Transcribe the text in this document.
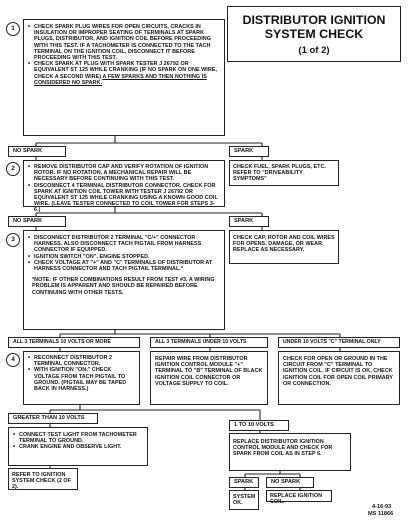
DISTRIBUTOR IGNITION
SYSTEM CHECK
(1 of 2)
1	• CHECK SPARK PLUG WIRES FOR OPEN CIRCUITS, CRACKS IN INSULATION OR IMPROPER SEATING OF TERMINALS AT SPARK PLUGS, DISTRIBUTOR, AND IGNITION COIL BEFORE PROCEEDING WITH THIS TEST. IF A TACHOMETER IS CONNECTED TO THE TACH TERMINAL ON THE IGNITION COIL, DISCONNECT IT BEFORE PROCEEDING WITH THIS TEST.
• CHECK SPARK AT PLUG WITH SPARK TESTER J 26792 OR EQUIVALENT ST 125 WHILE CRANKING (IF NO SPARK ON ONE WIRE, CHECK A SECOND WIRE) A FEW SPARKS AND THEN NOTHING IS CONSIDERED NO SPARK.
NO SPARK	SPARK
CHECK FUEL, SPARK PLUGS, ETC. REFER TO "DRIVEABILITY SYMPTOMS"
2	• REMOVE DISTRIBUTOR CAP AND VERIFY ROTATION OF IGNITION ROTOR. IF NO ROTATION, A MECHANICAL REPAIR WILL BE NECESSARY BEFORE CONTINUING WITH THIS TEST.
• DISCONNECT 4 TERMINAL DISTRIBUTOR CONNECTOR. CHECK FOR SPARK AT IGNITION COIL TOWER WITH TESTER J 26792 OR EQUIVALENT ST 125 WHILE CRANKING USING A KNOWN GOOD COIL WIRE. (LEAVE TESTER CONNECTED TO COIL TOWER FOR STEPS 3-6.)
NO SPARK	SPARK
CHECK CAP, ROTOR AND COIL WIRES FOR OPENS, DAMAGE, OR WEAR. REPLACE AS NECESSARY.
3	• DISCONNECT DISTRIBUTOR 2 TERMINAL "C/+" CONNECTOR HARNESS. ALSO DISCONNECT TACH PIGTAIL FROM HARNESS CONNECTOR IF EQUIPPED.
• IGNITION SWITCH "ON", ENGINE STOPPED.
• CHECK VOLTAGE AT "+" AND "C" TERMINALS OF DISTRIBUTOR AT HARNESS CONNECTOR AND TACH PIGTAIL TERMINAL.*
*NOTE: IF OTHER COMBINATIONS RESULT FROM TEST #3, A WIRING PROBLEM IS APPARENT AND SHOULD BE REPAIRED BEFORE CONTINUING WITH OTHER TESTS.
ALL 3 TERMINALS 10 VOLTS OR MORE	ALL 3 TERMINALS UNDER 10 VOLTS	UNDER 10 VOLTS "C" TERMINAL ONLY
4	• RECONNECT DISTRIBUTOR 2 TERMINAL CONNECTOR.
• WITH IGNITION "ON," CHECK VOLTAGE FROM TACH PIGTAIL TO GROUND. (PIGTAIL MAY BE TAPED BACK IN HARNESS.)
REPAIR WIRE FROM DISTRIBUTOR IGNITION CONTROL MODULE "+" TERMINAL TO "B" TERMINAL OF BLACK IGNITION COIL CONNECTOR OR VOLTAGE SUPPLY TO COIL.
CHECK FOR OPEN OR GROUND IN THE CIRCUIT FROM "C" TERMINAL TO IGNITION COIL. IF CIRCUIT IS OK, CHECK IGNITION COIL FOR OPEN COIL PRIMARY OR CONNECTION.
GREATER THAN 10 VOLTS
1 TO 10 VOLTS
• CONNECT TEST LIGHT FROM TACHOMETER TERMINAL TO GROUND.
• CRANK ENGINE AND OBSERVE LIGHT.
REFER TO IGNITION SYSTEM CHECK (2 OF 2).
REPLACE DISTRIBUTOR IGNITION CONTROL MODULE AND CHECK FOR SPARK FROM COIL AS IN STEP 6.
SPARK	NO SPARK
SYSTEM OK.
REPLACE IGNITION COIL.
4-16-93
MS 11866
